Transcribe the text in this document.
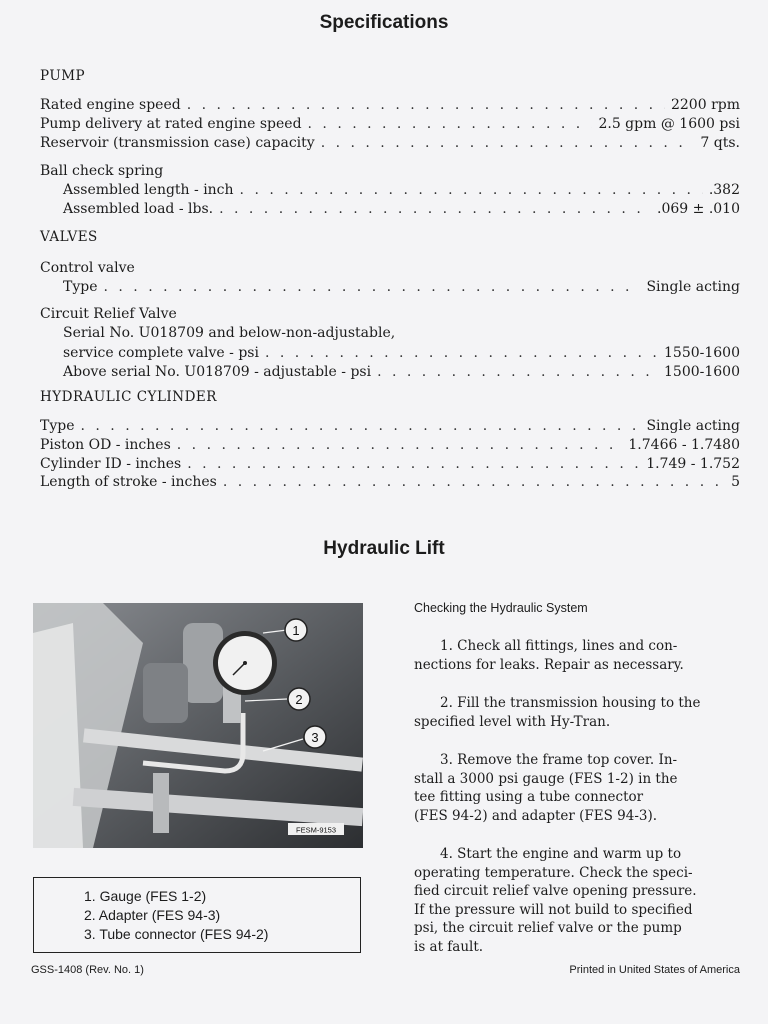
Specifications
PUMP
Rated engine speed . . .	2200 rpm
Pump delivery at rated engine speed . . .	2.5 gpm @ 1600 psi
Reservoir (transmission case) capacity . . .	7 qts.
Ball check spring
Assembled length - inch . . .	.382
Assembled load - lbs. . . .	.069 ± .010
VALVES
Control valve
Type . . .	Single acting
Circuit Relief Valve
Serial No. U018709 and below-non-adjustable,
service complete valve - psi . . .	1550-1600
Above serial No. U018709 - adjustable - psi . . .	1500-1600
HYDRAULIC CYLINDER
Type . . .	Single acting
Piston OD - inches . . .	1.7466 - 1.7480
Cylinder ID - inches . . .	1.749 - 1.752
Length of stroke - inches . . .	5
Hydraulic Lift
1
2
3
FESM-9153
1. Gauge (FES 1-2)
2. Adapter (FES 94-3)
3. Tube connector (FES 94-2)
Checking the Hydraulic System
1. Check all fittings, lines and con-
nections for leaks. Repair as necessary.
2. Fill the transmission housing to the
specified level with Hy-Tran.
3. Remove the frame top cover. In-
stall a 3000 psi gauge (FES 1-2) in the
tee fitting using a tube connector
(FES 94-2) and adapter (FES 94-3).
4. Start the engine and warm up to
operating temperature. Check the speci-
fied circuit relief valve opening pressure.
If the pressure will not build to specified
psi, the circuit relief valve or the pump
is at fault.
GSS-1408 (Rev. No. 1)	Printed in United States of America
